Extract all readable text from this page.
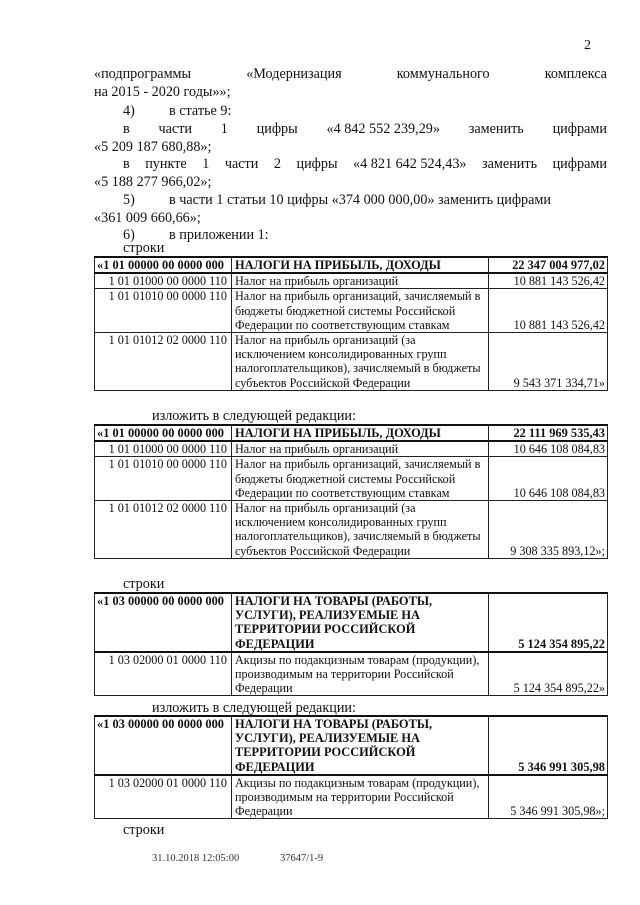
2
«подпрограммы	«Модернизация	коммунального	комплекса
на 2015 - 2020 годы»»;
4) в статье 9:
в части 1 цифры «4 842 552 239,29» заменить цифрами
«5 209 187 680,88»;
в пункте 1 части 2 цифры «4 821 642 524,43» заменить цифрами
«5 188 277 966,02»;
5) в части 1 статьи 10 цифры «374 000 000,00» заменить цифрами
«361 009 660,66»;
6) в приложении 1:
строки
«1 01 00000 00 0000 000	НАЛОГИ НА ПРИБЫЛЬ, ДОХОДЫ	22 347 004 977,02
1 01 01000 00 0000 110	Налог на прибыль организаций	10 881 143 526,42
1 01 01010 00 0000 110	Налог на прибыль организаций, зачисляемый в бюджеты бюджетной системы Российской Федерации по соответствующим ставкам	10 881 143 526,42
1 01 01012 02 0000 110	Налог на прибыль организаций (за исключением консолидированных групп налогоплательщиков), зачисляемый в бюджеты субъектов Российской Федерации	9 543 371 334,71»
изложить в следующей редакции:
«1 01 00000 00 0000 000	НАЛОГИ НА ПРИБЫЛЬ, ДОХОДЫ	22 111 969 535,43
1 01 01000 00 0000 110	Налог на прибыль организаций	10 646 108 084,83
1 01 01010 00 0000 110	Налог на прибыль организаций, зачисляемый в бюджеты бюджетной системы Российской Федерации по соответствующим ставкам	10 646 108 084,83
1 01 01012 02 0000 110	Налог на прибыль организаций (за исключением консолидированных групп налогоплательщиков), зачисляемый в бюджеты субъектов Российской Федерации	9 308 335 893,12»;
строки
«1 03 00000 00 0000 000	НАЛОГИ НА ТОВАРЫ (РАБОТЫ, УСЛУГИ), РЕАЛИЗУЕМЫЕ НА ТЕРРИТОРИИ РОССИЙСКОЙ ФЕДЕРАЦИИ	5 124 354 895,22
1 03 02000 01 0000 110	Акцизы по подакцизным товарам (продукции), производимым на территории Российской Федерации	5 124 354 895,22»
изложить в следующей редакции:
«1 03 00000 00 0000 000	НАЛОГИ НА ТОВАРЫ (РАБОТЫ, УСЛУГИ), РЕАЛИЗУЕМЫЕ НА ТЕРРИТОРИИ РОССИЙСКОЙ ФЕДЕРАЦИИ	5 346 991 305,98
1 03 02000 01 0000 110	Акцизы по подакцизным товарам (продукции), производимым на территории Российской Федерации	5 346 991 305,98»;
строки
31.10.2018 12:05:00	37647/1-9
